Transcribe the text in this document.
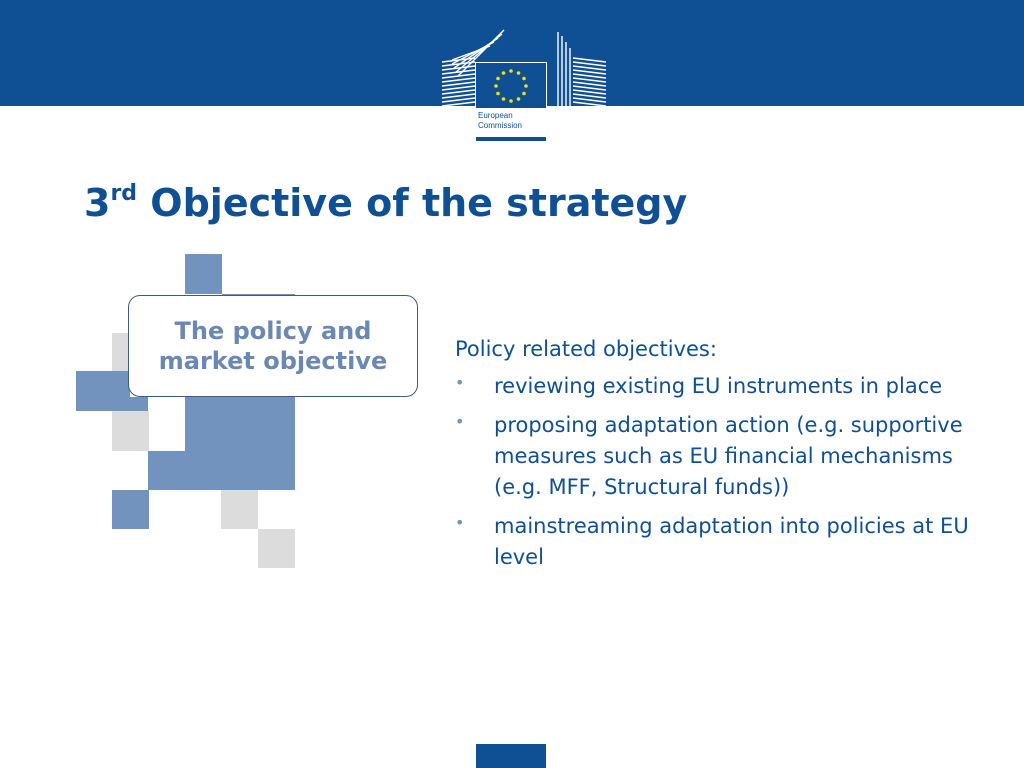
European
Commission
3rd Objective of the strategy
The policy and
market objective	Policy related objectives:

• reviewing existing EU instruments in place
• proposing adaptation action (e.g. supportive measures such as EU financial mechanisms (e.g. MFF, Structural funds))
• mainstreaming adaptation into policies at EU level
